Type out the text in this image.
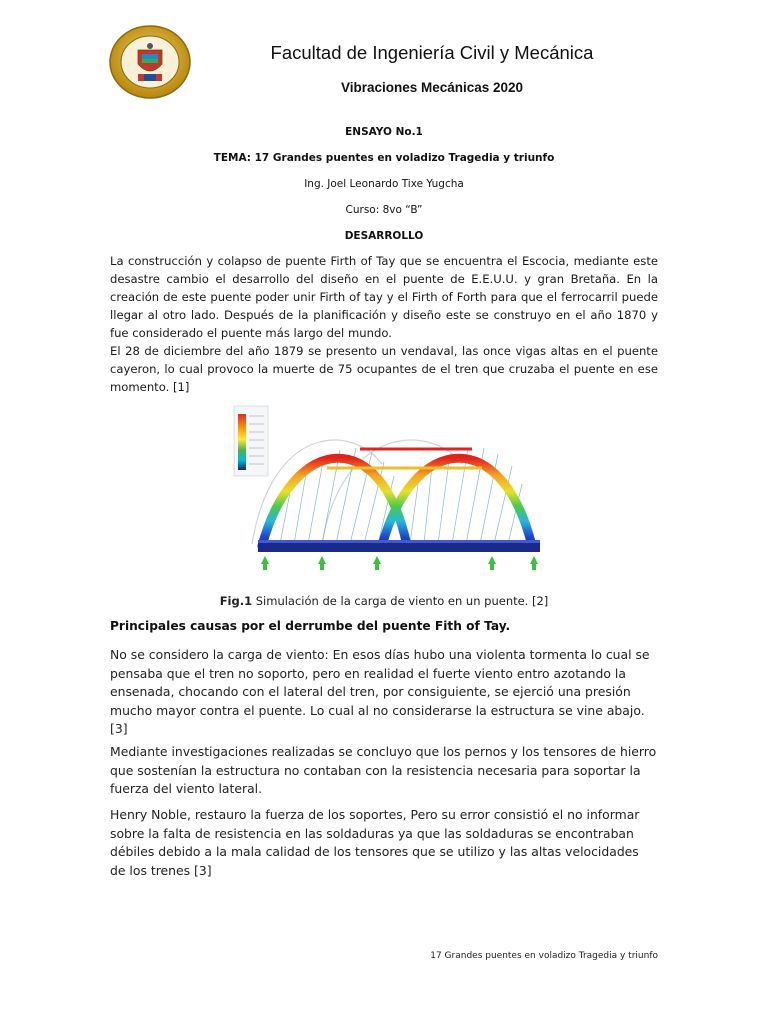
Facultad de Ingeniería Civil y Mecánica
Vibraciones Mecánicas 2020
ENSAYO No.1
TEMA: 17 Grandes puentes en voladizo Tragedia y triunfo
Ing. Joel Leonardo Tixe Yugcha
Curso: 8vo “B”
DESARROLLO
La construcción y colapso de puente Firth of Tay que se encuentra el Escocia, mediante este desastre cambio el desarrollo del diseño en el puente de E.E.U.U. y gran Bretaña. En la creación de este puente poder unir Firth of tay y el Firth of Forth para que el ferrocarril puede llegar al otro lado. Después de la planificación y diseño este se construyo en el año 1870 y fue considerado el puente más largo del mundo.
El 28 de diciembre del año 1879 se presento un vendaval, las once vigas altas en el puente cayeron, lo cual provoco la muerte de 75 ocupantes de el tren que cruzaba el puente en ese momento. [1]
Fig.1 Simulación de la carga de viento en un puente. [2]
Principales causas por el derrumbe del puente Fith of Tay.
No se considero la carga de viento: En esos días hubo una violenta tormenta lo cual se pensaba que el tren no soporto, pero en realidad el fuerte viento entro azotando la ensenada, chocando con el lateral del tren, por consiguiente, se ejerció una presión mucho mayor contra el puente. Lo cual al no considerarse la estructura se vine abajo. [3]
Mediante investigaciones realizadas se concluyo que los pernos y los tensores de hierro que sostenían la estructura no contaban con la resistencia necesaria para soportar la fuerza del viento lateral.
Henry Noble, restauro la fuerza de los soportes, Pero su error consistió el no informar sobre la falta de resistencia en las soldaduras ya que las soldaduras se encontraban débiles debido a la mala calidad de los tensores que se utilizo y las altas velocidades de los trenes [3]
17 Grandes puentes en voladizo Tragedia y triunfo
